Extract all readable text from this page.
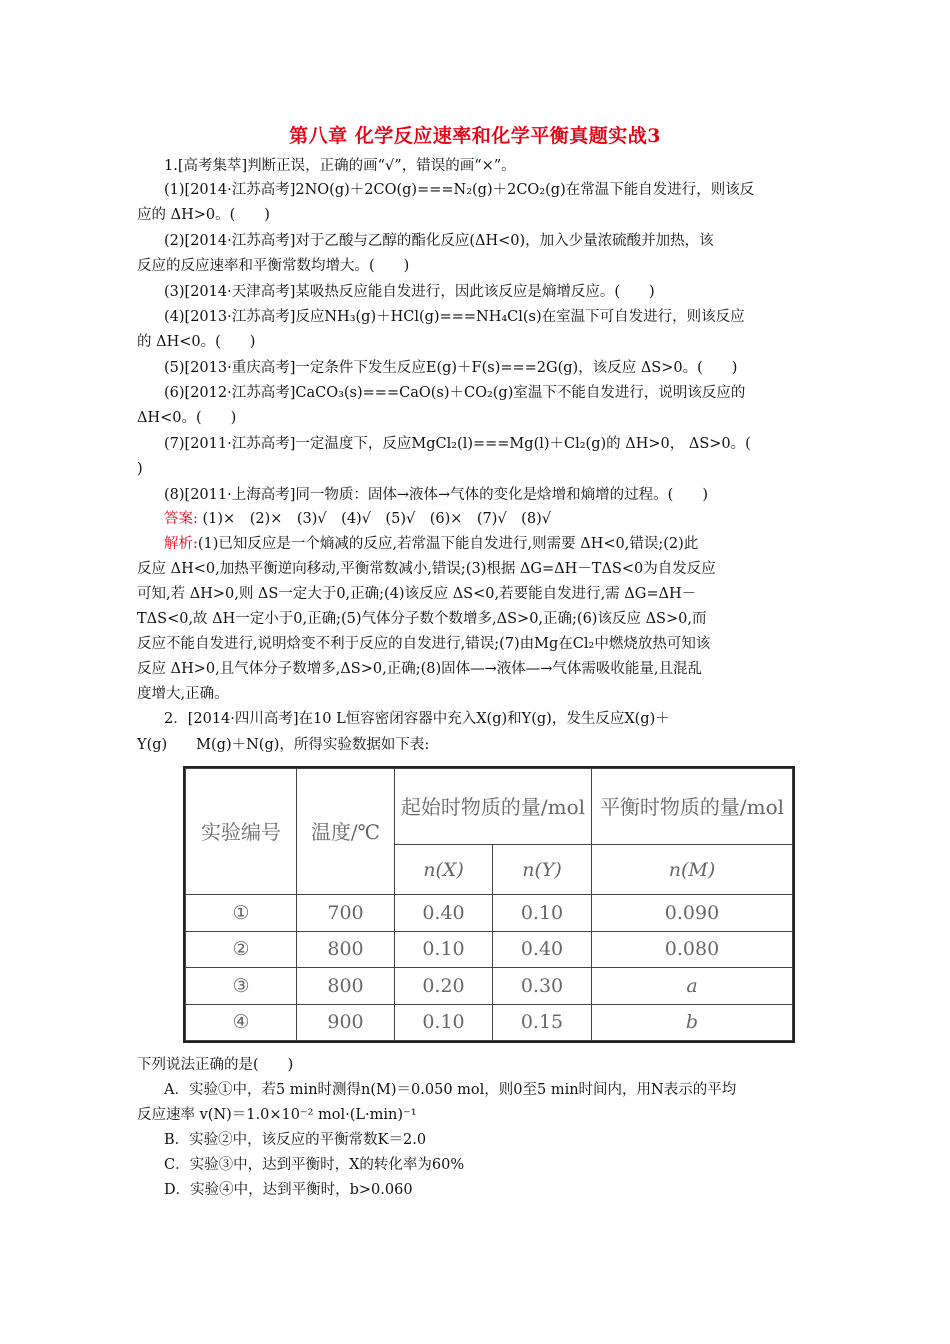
第八章 化学反应速率和化学平衡真题实战3
1.[高考集萃]判断正误，正确的画“√”，错误的画“×”。
(1)[2014·江苏高考]2NO(g)＋2CO(g)===N₂(g)＋2CO₂(g)在常温下能自发进行，则该反
应的 ΔH>0。(　　)
(2)[2014·江苏高考]对于乙酸与乙醇的酯化反应(ΔH<0)，加入少量浓硫酸并加热，该
反应的反应速率和平衡常数均增大。(　　)
(3)[2014·天津高考]某吸热反应能自发进行，因此该反应是熵增反应。(　　)
(4)[2013·江苏高考]反应NH₃(g)＋HCl(g)===NH₄Cl(s)在室温下可自发进行，则该反应
的 ΔH<0。(　　)
(5)[2013·重庆高考]一定条件下发生反应E(g)＋F(s)===2G(g)，该反应 ΔS>0。(　　)
(6)[2012·江苏高考]CaCO₃(s)===CaO(s)＋CO₂(g)室温下不能自发进行，说明该反应的
ΔH<0。(　　)
(7)[2011·江苏高考]一定温度下，反应MgCl₂(l)===Mg(l)＋Cl₂(g)的 ΔH>0， ΔS>0。(
)
(8)[2011·上海高考]同一物质：固体→液体→气体的变化是焓增和熵增的过程。(　　)
答案: (1)×　(2)×　(3)√　(4)√　(5)√　(6)×　(7)√　(8)√
解析:(1)已知反应是一个熵减的反应,若常温下能自发进行,则需要 ΔH<0,错误;(2)此
反应 ΔH<0,加热平衡逆向移动,平衡常数减小,错误;(3)根据 ΔG=ΔH－TΔS<0为自发反应
可知,若 ΔH>0,则 ΔS一定大于0,正确;(4)该反应 ΔS<0,若要能自发进行,需 ΔG=ΔH－
TΔS<0,故 ΔH一定小于0,正确;(5)气体分子数个数增多,ΔS>0,正确;(6)该反应 ΔS>0,而
反应不能自发进行,说明焓变不利于反应的自发进行,错误;(7)由Mg在Cl₂中燃烧放热可知该
反应 ΔH>0,且气体分子数增多,ΔS>0,正确;(8)固体—→液体—→气体需吸收能量,且混乱
度增大,正确。
2．[2014·四川高考]在10 L恒容密闭容器中充入X(g)和Y(g)，发生反应X(g)＋
Y(g)　　M(g)＋N(g)，所得实验数据如下表:
实验编号	温度/℃	起始时物质的量/mol		平衡时物质的量/mol
		n(X)	n(Y)	n(M)
①	700	0.40	0.10	0.090
②	800	0.10	0.40	0.080
③	800	0.20	0.30	a
④	900	0.10	0.15	b
下列说法正确的是(　　)
A．实验①中，若5 min时测得n(M)＝0.050 mol，则0至5 min时间内，用N表示的平均
反应速率 v(N)＝1.0×10⁻² mol·(L·min)⁻¹
B．实验②中，该反应的平衡常数K＝2.0
C．实验③中，达到平衡时，X的转化率为60%
D．实验④中，达到平衡时，b>0.060
